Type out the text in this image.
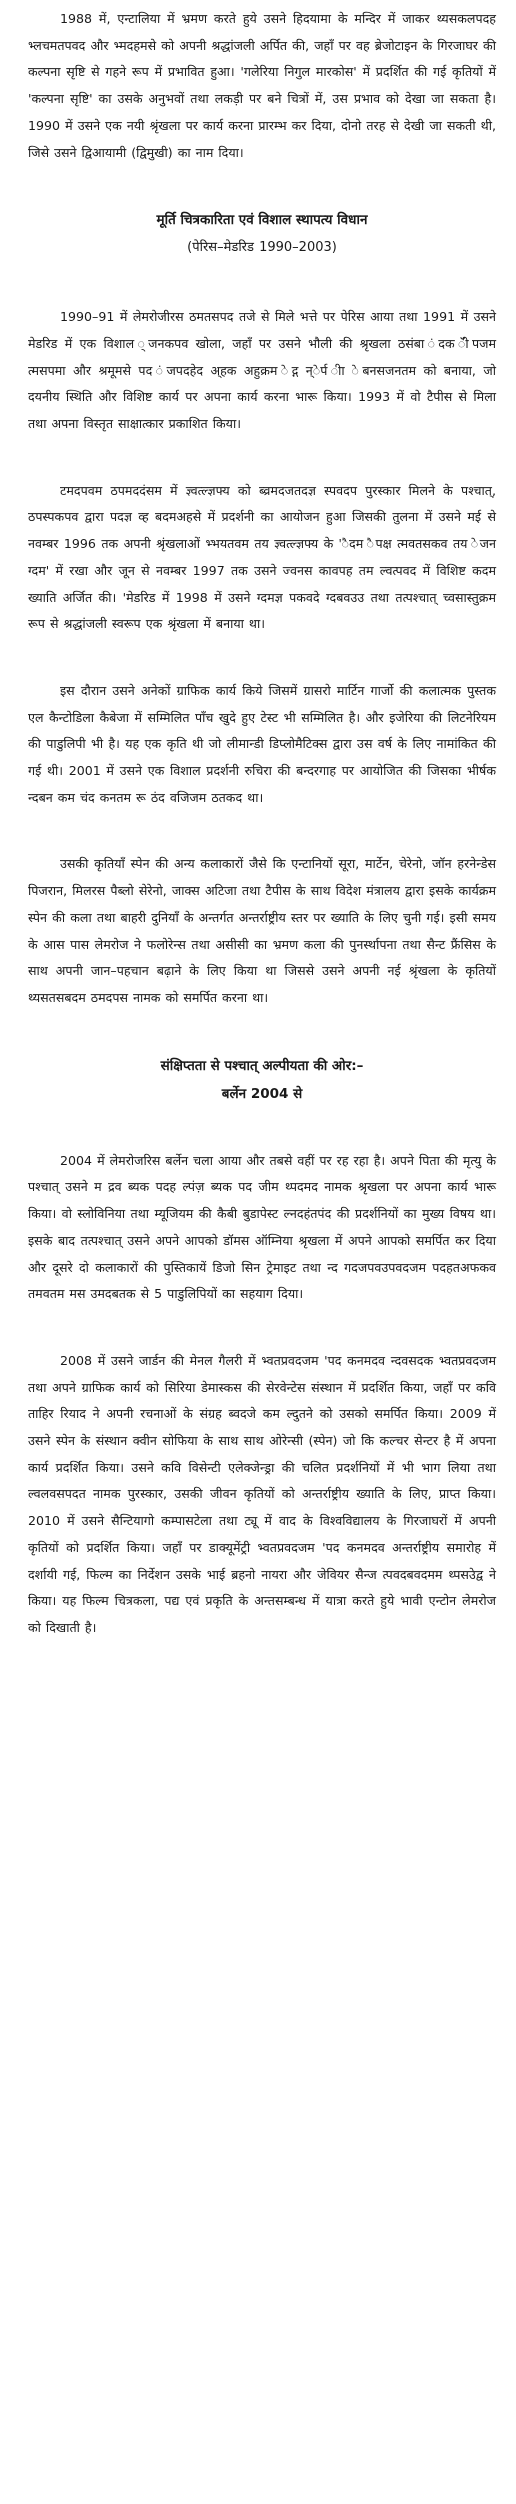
1988 में, एन्टालिया में भ्रमण करते हुये उसने हिदयामा के मन्दिर में जाकर थ्यसकलपदह भ्लचमतपवद और भ्मदहमसे को अपनी श्रद्धांजली अर्पित की, जहाँ पर वह ब्रेजोटाइन के गिरजाघर की कल्पना सृष्टि से गहने रूप में प्रभावित हुआ। 'गलेरिया निगुल मारकोस' में प्रदर्शित की गई कृतियों में 'कल्पना सृष्टि' का उसके अनुभवों तथा लकड़ी पर बने चित्रों में, उस प्रभाव को देखा जा सकता है। 1990 में उसने एक नयी श्रृंखला पर कार्य करना प्रारम्भ कर दिया, दोनो तरह से देखी जा सकती थी, जिसे उसने द्विआयामी (द्विमुखी) का नाम दिया।

मूर्ति चित्रकारिता एवं विशाल स्थापत्य विधान

(पेरिस–मेडरिड 1990–2003)

1990–91 में लेमरोजीरस ठमतसपद तजे से मिले भत्ते पर पेरिस आया तथा 1991 में उसने मेडरिड में एक विशाल ्जनकपव खोला, जहाँ पर उसने भौली की श्रृखला ठसंबा ंदक ॅीपजम त्मसपमा और श्रमूमसे पद ंजपदहेद अ्हक अहुक्रम ेद्ग न्ेर्प ीा ेबनसजनतम को बनाया, जो दयनीय स्थिति और विशिष्ट कार्य पर अपना कार्य करना भारू किया। 1993 में वो टैपीस से मिला तथा अपना विस्तृत साक्षात्कार प्रकाशित किया।

टमदपवम ठपमददंसम में ज्ञ्वत्ल्ज्ञफ्य को ब्व्रमदजतदज्ञ स्पवदप पुरस्कार मिलने के पश्चात्, ठपस्पकपव द्वारा पदज्ञ व्ह बदमअहसे में प्रदर्शनी का आयोजन हुआ जिसकी तुलना में उसने मई से नवम्बर 1996 तक अपनी श्रृंखलाओं भ्भयतवम तय ज्ञ्वत्ल्ज्ञफ्य के 'ैदम ैपक्ष त्मवतसकव तय ेजन ग्दम' में रखा और जून से नवम्बर 1997 तक उसने ज्वनस कावपह तम ल्वत्पवद में विशिष्ट कदम ख्याति अर्जित की। 'मेडरिड में 1998 में उसने ग्दमज्ञ पकवदे ग्दबवउउ तथा तत्पश्चात् च्वसास्तुक्रम रूप से श्रद्धांजली स्वरूप एक श्रृंखला में बनाया था।

इस दौरान उसने अनेकों ग्राफिक कार्य किये जिसमें ग्रासरो मार्टिन गार्जो की कलात्मक पुस्तक एल कैन्टोडिला कैबेजा में सम्मिलित पाँच खुदे हुए टेस्ट भी सम्मिलित है। और इजेरिया की लिटनेरियम की पाडुलिपी भी है। यह एक कृति थी जो लीमान्डी डिप्लोमैटिक्स द्वारा उस वर्ष के लिए नामांकित की गई थी। 2001 में उसने एक विशाल प्रदर्शनी रुचिरा की बन्दरगाह पर आयोजित की जिसका भीर्षक न्दबन कम चंद कनतम रू ठंद वजिजम ठतकद था।

उसकी कृतियाँ स्पेन की अन्य कलाकारों जैसे कि एन्टानियों सूरा, मार्टेन, चेरेनो, जॉन हरनेन्डेस पिजरान, मिलरस पैब्लो सेरेनो, जाक्स अटिजा तथा टैपीस के साथ विदेश मंत्रालय द्वारा इसके कार्यक्रम स्पेन की कला तथा बाहरी दुनियाँ के अन्तर्गत अन्तर्राष्ट्रीय स्तर पर ख्याति के लिए चुनी गई। इसी समय के आस पास लेमरोज ने फलोरेन्स तथा असीसी का भ्रमण कला की पुनर्स्थापना तथा सैन्ट फ्रैंसिस के साथ अपनी जान–पहचान बढ़ाने के लिए किया था जिससे उसने अपनी नई श्रृंखला के कृतियों थ्यसतसबदम ठमदपस नामक को समर्पित करना था।

संक्षिप्तता से पश्चात् अल्पीयता की ओर:–
बर्लेन 2004 से

2004 में लेमरोजरिस बर्लेन चला आया और तबसे वहीं पर रह रहा है। अपने पिता की मृत्यु के पश्चात् उसने म द्रव ब्यक पदह ल्पंज़ ब्यक पद जीम थ्पदमद नामक श्रृखला पर अपना कार्य भारू किया। वो स्लोविनिया तथा म्यूजियम की कैबी बुडापेस्ट ल्नदहंतपंद की प्रदर्शनियों का मुख्य विषय था। इसके बाद तत्पश्चात् उसने अपने आपको डॉमस ऑम्निया श्रृखला में अपने आपको समर्पित कर दिया और दूसरे दो कलाकारों की पुस्तिकायें डिजो सिन ट्रेमाइट तथा न्द गदजपवउपवदजम पदहतअफकव तमवतम मस उमदबतक से 5 पाडुलिपियों का सहयाग दिया।

2008 में उसने जार्डन की मेनल गैलरी में भ्वतप्रवदजम 'पद कनमदव न्दवसदक भ्वतप्रवदजम तथा अपने ग्राफिक कार्य को सिरिया डेमास्कस की सेरवेन्टेस संस्थान में प्रदर्शित किया, जहाँ पर कवि ताहिर रियाद ने अपनी रचनाओं के संग्रह ब्वदजे कम ल्दुतने को उसको समर्पित किया। 2009 में उसने स्पेन के संस्थान क्वीन सोफिया के साथ साथ ओरेन्सी (स्पेन) जो कि कल्चर सेन्टर है में अपना कार्य प्रदर्शित किया। उसने कवि विसेन्टी एलेक्जेन्ड्रा की चलित प्रदर्शनियों में भी भाग लिया तथा ल्वलवसपदत नामक पुरस्कार, उसकी जीवन कृतियों को अन्तर्राष्ट्रीय ख्याति के लिए, प्राप्त किया। 2010 में उसने सैन्टियागो कम्पासटेला तथा ट्यू में वाद के विश्वविद्यालय के गिरजाघरों में अपनी कृतियों को प्रदर्शित किया। जहाँ पर डाक्यूमेंट्री भ्वतप्रवदजम 'पद कनमदव अन्तर्राष्ट्रीय समारोह में दर्शायी गई, फिल्म का निर्देशन उसके भाई ब्रहनो नायरा और जेवियर सैन्ज त्पवदबवदमम थ्पसउेद्व ने किया। यह फिल्म चित्रकला, पद्य एवं प्रकृति के अन्तसम्बन्ध में यात्रा करते हुये भावी एन्टोन लेमरोज को दिखाती है।
